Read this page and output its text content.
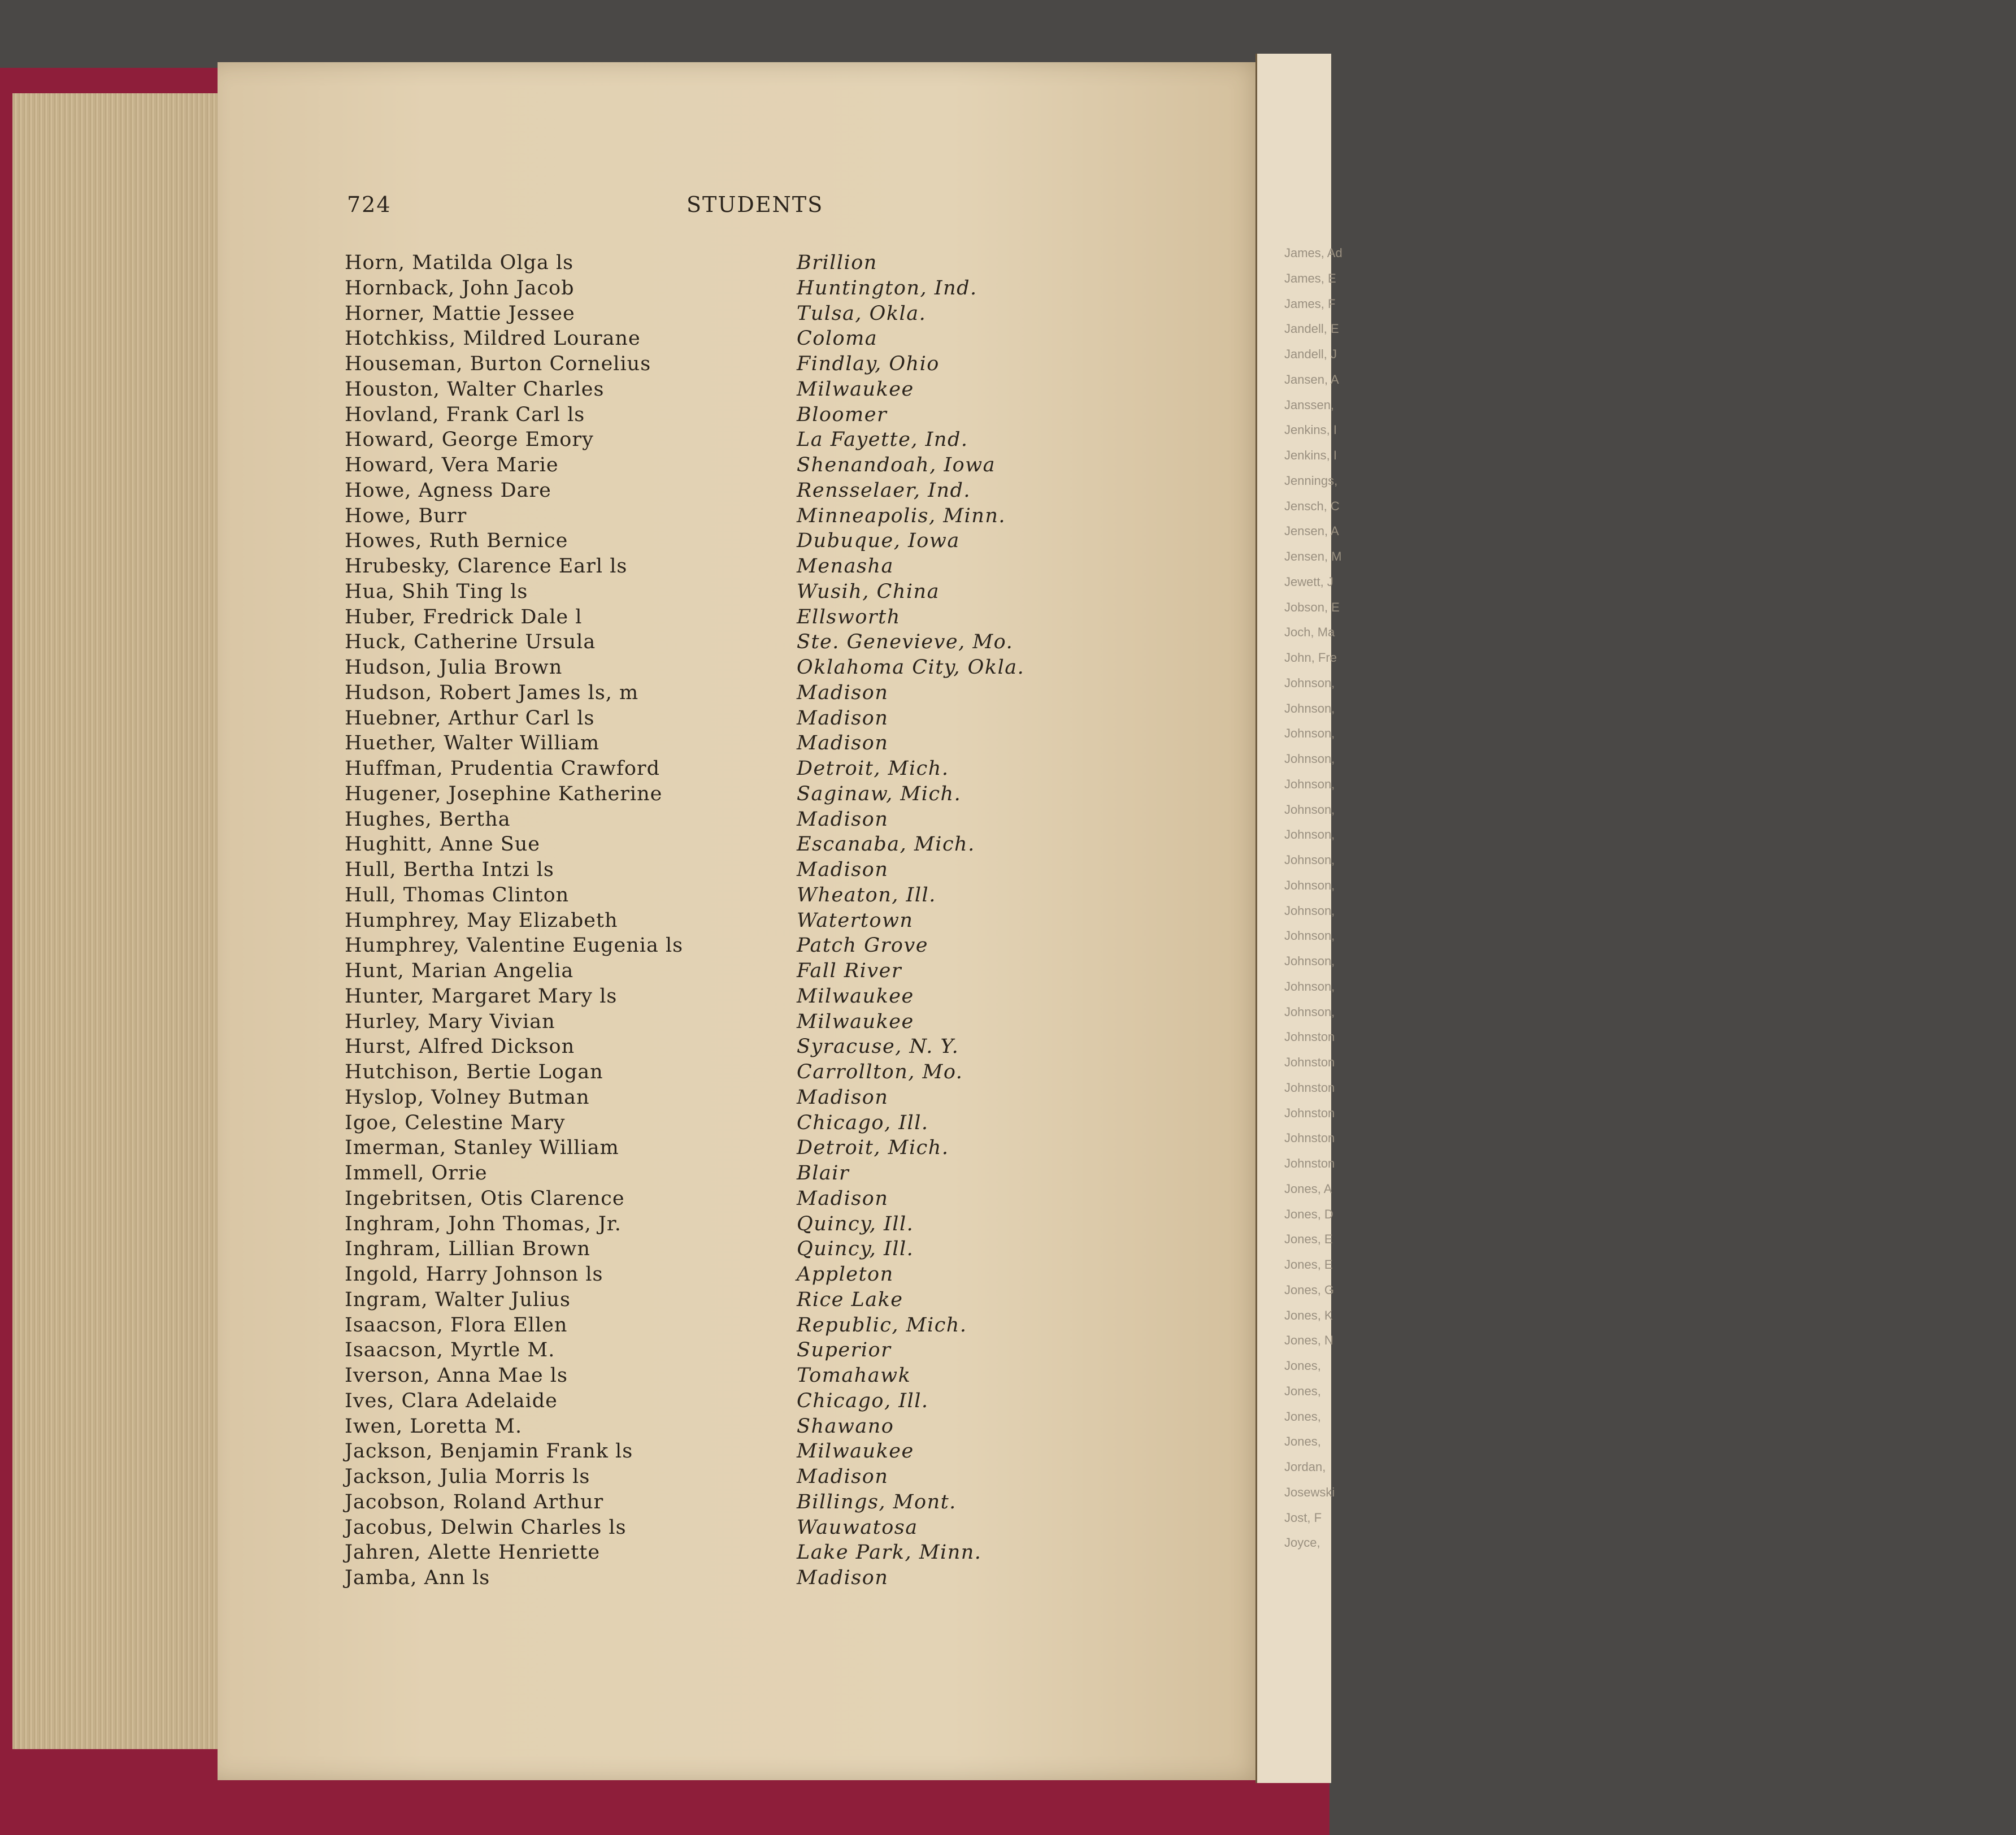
James, Ad
James, E
James, F
Jandell, E
Jandell, J
Jansen, A
Janssen,
Jenkins, I
Jenkins, I
Jennings,
Jensch, C
Jensen, A
Jensen, M
Jewett, J
Jobson, E
Joch, Ma
John, Fre
Johnson,
Johnson,
Johnson,
Johnson,
Johnson,
Johnson,
Johnson,
Johnson,
Johnson,
Johnson,
Johnson,
Johnson,
Johnson,
Johnson,
Johnston
Johnston
Johnston
Johnston
Johnston
Johnston
Jones, A
Jones, D
Jones, E
Jones, E
Jones, G
Jones, K
Jones, N
Jones,
Jones,
Jones,
Jones,
Jordan,
Josewski
Jost, F
Joyce,
724	STUDENTS
Horn, Matilda Olga ls	Brillion
Hornback, John Jacob	Huntington, Ind.
Horner, Mattie Jessee	Tulsa, Okla.
Hotchkiss, Mildred Lourane	Coloma
Houseman, Burton Cornelius	Findlay, Ohio
Houston, Walter Charles	Milwaukee
Hovland, Frank Carl ls	Bloomer
Howard, George Emory	La Fayette, Ind.
Howard, Vera Marie	Shenandoah, Iowa
Howe, Agness Dare	Rensselaer, Ind.
Howe, Burr	Minneapolis, Minn.
Howes, Ruth Bernice	Dubuque, Iowa
Hrubesky, Clarence Earl ls	Menasha
Hua, Shih Ting ls	Wusih, China
Huber, Fredrick Dale l	Ellsworth
Huck, Catherine Ursula	Ste. Genevieve, Mo.
Hudson, Julia Brown	Oklahoma City, Okla.
Hudson, Robert James ls, m	Madison
Huebner, Arthur Carl ls	Madison
Huether, Walter William	Madison
Huffman, Prudentia Crawford	Detroit, Mich.
Hugener, Josephine Katherine	Saginaw, Mich.
Hughes, Bertha	Madison
Hughitt, Anne Sue	Escanaba, Mich.
Hull, Bertha Intzi ls	Madison
Hull, Thomas Clinton	Wheaton, Ill.
Humphrey, May Elizabeth	Watertown
Humphrey, Valentine Eugenia ls	Patch Grove
Hunt, Marian Angelia	Fall River
Hunter, Margaret Mary ls	Milwaukee
Hurley, Mary Vivian	Milwaukee
Hurst, Alfred Dickson	Syracuse, N. Y.
Hutchison, Bertie Logan	Carrollton, Mo.
Hyslop, Volney Butman	Madison
Igoe, Celestine Mary	Chicago, Ill.
Imerman, Stanley William	Detroit, Mich.
Immell, Orrie	Blair
Ingebritsen, Otis Clarence	Madison
Inghram, John Thomas, Jr.	Quincy, Ill.
Inghram, Lillian Brown	Quincy, Ill.
Ingold, Harry Johnson ls	Appleton
Ingram, Walter Julius	Rice Lake
Isaacson, Flora Ellen	Republic, Mich.
Isaacson, Myrtle M.	Superior
Iverson, Anna Mae ls	Tomahawk
Ives, Clara Adelaide	Chicago, Ill.
Iwen, Loretta M.	Shawano
Jackson, Benjamin Frank ls	Milwaukee
Jackson, Julia Morris ls	Madison
Jacobson, Roland Arthur	Billings, Mont.
Jacobus, Delwin Charles ls	Wauwatosa
Jahren, Alette Henriette	Lake Park, Minn.
Jamba, Ann ls	Madison
